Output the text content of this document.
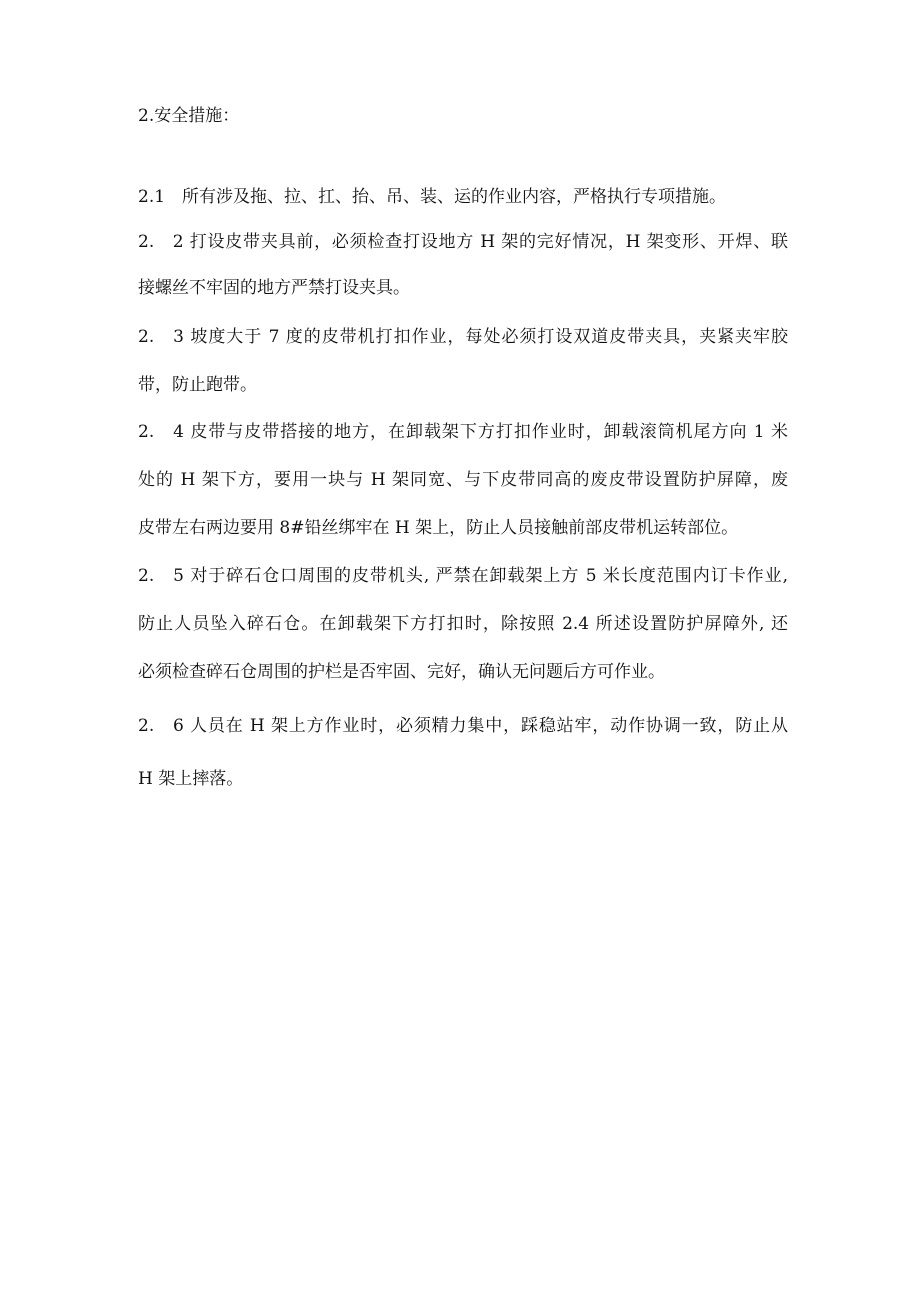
2.安全措施：
2.1　所有涉及拖、拉、扛、抬、吊、装、运的作业内容，严格执行专项措施。
2.　2 打设皮带夹具前，必须检查打设地方 H 架的完好情况，H 架变形、开焊、联
接螺丝不牢固的地方严禁打设夹具。
2.　3 坡度大于 7 度的皮带机打扣作业，每处必须打设双道皮带夹具，夹紧夹牢胶
带，防止跑带。
2.　4 皮带与皮带搭接的地方，在卸载架下方打扣作业时，卸载滚筒机尾方向 1 米
处的 H 架下方，要用一块与 H 架同宽、与下皮带同高的废皮带设置防护屏障，废
皮带左右两边要用 8#铅丝绑牢在 H 架上，防止人员接触前部皮带机运转部位。
2.　5 对于碎石仓口周围的皮带机头, 严禁在卸载架上方 5 米长度范围内订卡作业,
防止人员坠入碎石仓。在卸载架下方打扣时，除按照 2.4 所述设置防护屏障外, 还
必须检查碎石仓周围的护栏是否牢固、完好，确认无问题后方可作业。
2.　6 人员在 H 架上方作业时，必须精力集中，踩稳站牢，动作协调一致，防止从
H 架上摔落。
